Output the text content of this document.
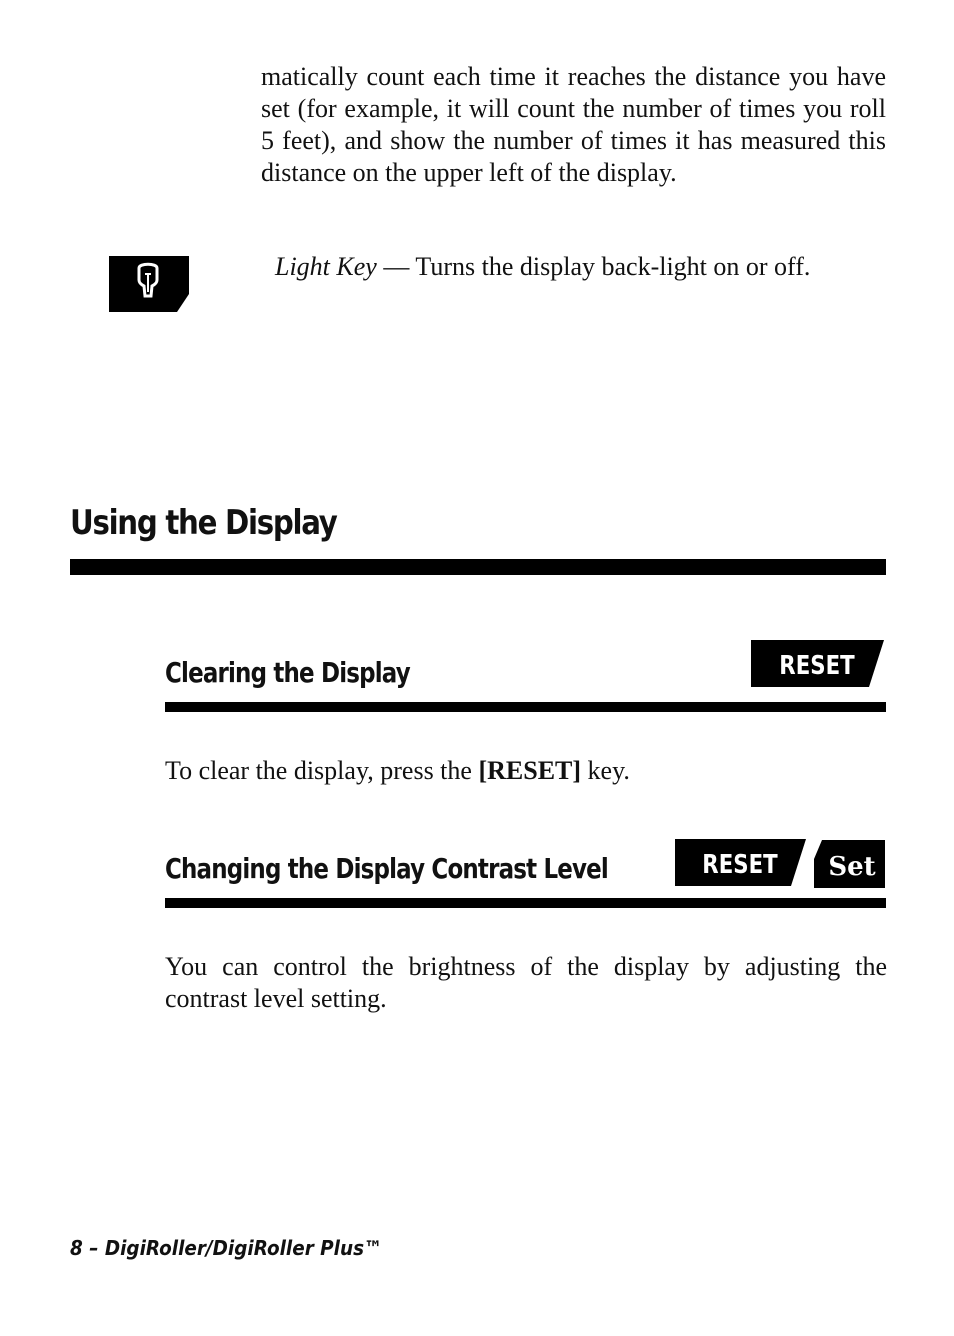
matically count each time it reaches the distance you have set (for example, it will count the number of times you roll 5 feet), and show the number of times it has measured this distance on the upper left of the display.

Light Key — Turns the display back-light on or off.
Using the Display
Clearing the Display	RESET

To clear the display, press the [RESET] key.

Changing the Display Contrast Level	RESET Set

You can control the brightness of the display by adjusting the contrast level setting.

8 – DigiRoller/DigiRoller Plus™
